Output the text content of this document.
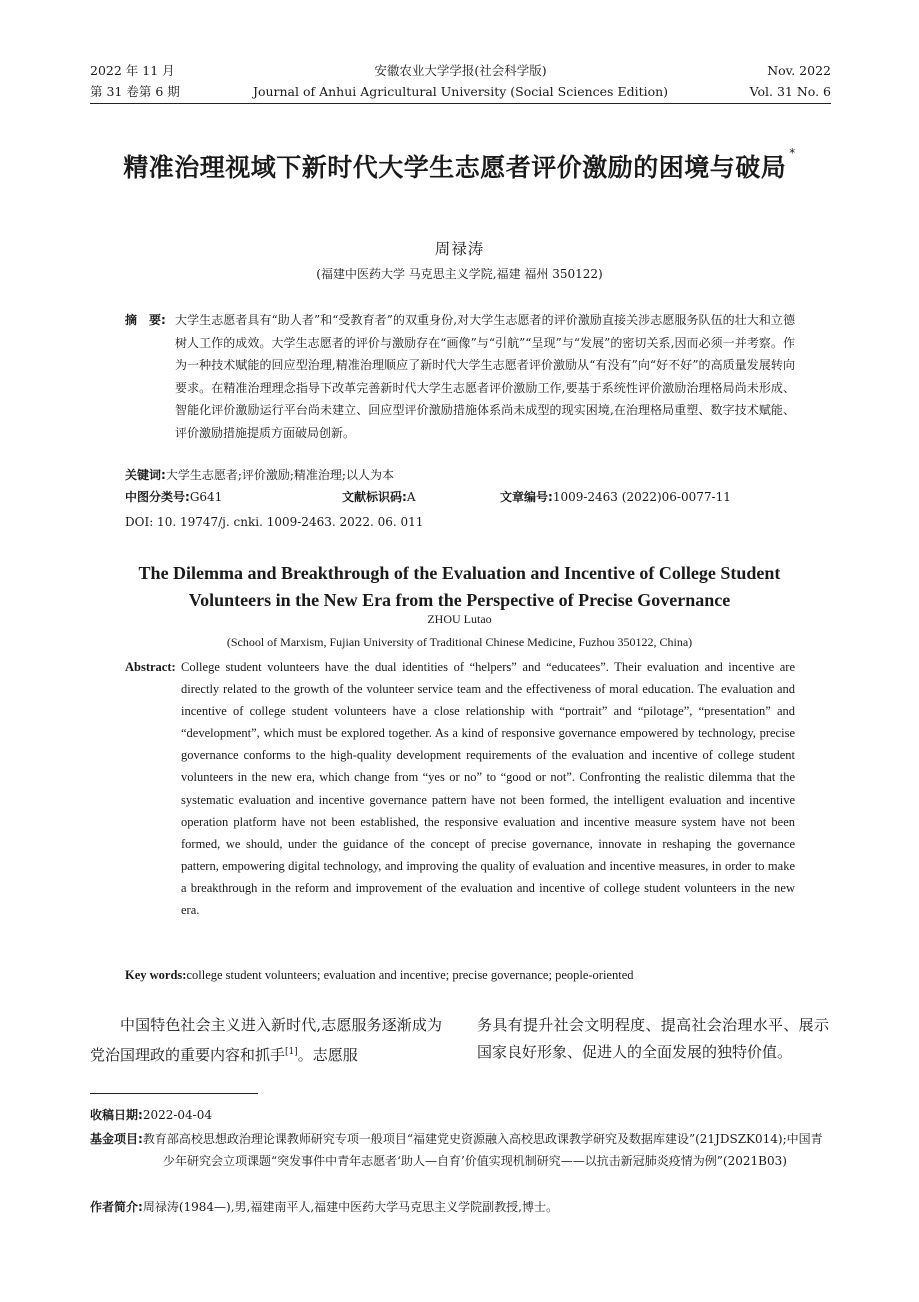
2022 年 11 月
第 31 卷第 6 期
安徽农业大学学报(社会科学版)
Journal of Anhui Agricultural University (Social Sciences Edition)
Nov. 2022
Vol. 31 No. 6
精准治理视域下新时代大学生志愿者评价激励的困境与破局 *
周禄涛
(福建中医药大学 马克思主义学院,福建 福州 350122)
摘　要: 大学生志愿者具有“助人者”和“受教育者”的双重身份,对大学生志愿者的评价激励直接关涉志愿服务队伍的壮大和立德树人工作的成效。大学生志愿者的评价与激励存在“画像”与“引航”“呈现”与“发展”的密切关系,因而必须一并考察。作为一种技术赋能的回应型治理,精准治理顺应了新时代大学生志愿者评价激励从“有没有”向“好不好”的高质量发展转向要求。在精准治理理念指导下改革完善新时代大学生志愿者评价激励工作,要基于系统性评价激励治理格局尚未形成、智能化评价激励运行平台尚未建立、回应型评价激励措施体系尚未成型的现实困境,在治理格局重塑、数字技术赋能、评价激励措施提质方面破局创新。
关键词:大学生志愿者;评价激励;精准治理;以人为本
中图分类号:G641	文献标识码:A	文章编号:1009-2463 (2022)06-0077-11
DOI: 10. 19747/j. cnki. 1009-2463. 2022. 06. 011
The Dilemma and Breakthrough of the Evaluation and Incentive of College Student
Volunteers in the New Era from the Perspective of Precise Governance
ZHOU Lutao
(School of Marxism, Fujian University of Traditional Chinese Medicine, Fuzhou 350122, China)
Abstract: College student volunteers have the dual identities of “helpers” and “educatees”. Their evaluation and incentive are directly related to the growth of the volunteer service team and the effectiveness of moral education. The evaluation and incentive of college student volunteers have a close relationship with “portrait” and “pilotage”, “presentation” and “development”, which must be explored together. As a kind of responsive governance empowered by technology, precise governance conforms to the high-quality development requirements of the evaluation and incentive of college student volunteers in the new era, which change from “yes or no” to “good or not”. Confronting the realistic dilemma that the systematic evaluation and incentive governance pattern have not been formed, the intelligent evaluation and incentive operation platform have not been established, the responsive evaluation and incentive measure system have not been formed, we should, under the guidance of the concept of precise governance, innovate in reshaping the governance pattern, empowering digital technology, and improving the quality of evaluation and incentive measures, in order to make a breakthrough in the reform and improvement of the evaluation and incentive of college student volunteers in the new era.
Key words:college student volunteers; evaluation and incentive; precise governance; people-oriented
中国特色社会主义进入新时代,志愿服务逐渐成为党治国理政的重要内容和抓手[1]。志愿服
务具有提升社会文明程度、提高社会治理水平、展示国家良好形象、促进人的全面发展的独特价值。
收稿日期:2022-04-04
基金项目:教育部高校思想政治理论课教师研究专项一般项目“福建党史资源融入高校思政课教学研究及数据库建设”(21JDSZK014);中国青少年研究会立项课题“突发事件中青年志愿者‘助人—自育’价值实现机制研究——以抗击新冠肺炎疫情为例”(2021B03)
作者简介:周禄涛(1984—),男,福建南平人,福建中医药大学马克思主义学院副教授,博士。
